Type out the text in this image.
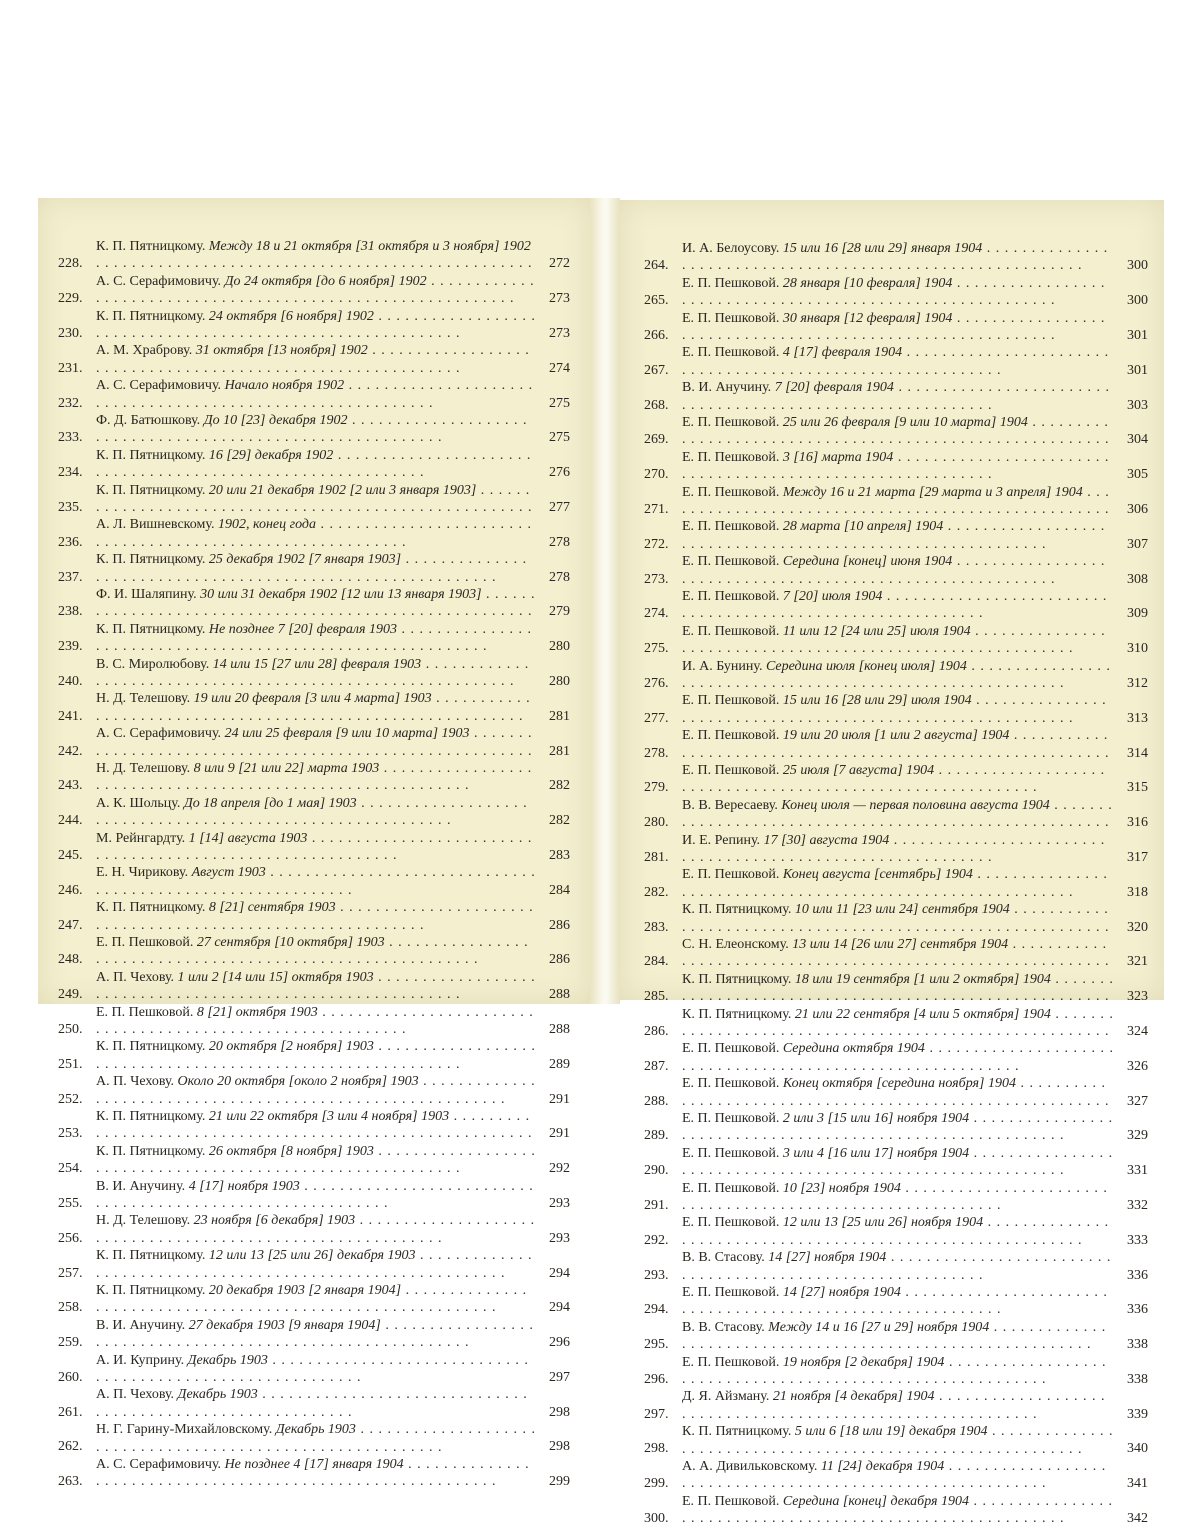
228.
К. П. Пятницкому. Между 18 и 21 октября [31 октября и 3 ноября] 1902 . . .
272
229.
А. С. Серафимовичу. До 24 октября [до 6 ноября] 1902 . . .
273
230.
К. П. Пятницкому. 24 октября [6 ноября] 1902 . . .
273
231.
А. М. Храброву. 31 октября [13 ноября] 1902 . . .
274
232.
А. С. Серафимовичу. Начало ноября 1902 . . .
275
233.
Ф. Д. Батюшкову. До 10 [23] декабря 1902 . . .
275
234.
К. П. Пятницкому. 16 [29] декабря 1902 . . .
276
235.
К. П. Пятницкому. 20 или 21 декабря 1902 [2 или 3 января 1903] . . .
277
236.
А. Л. Вишневскому. 1902, конец года . . .
278
237.
К. П. Пятницкому. 25 декабря 1902 [7 января 1903] . . .
278
238.
Ф. И. Шаляпину. 30 или 31 декабря 1902 [12 или 13 января 1903] . . .
279
239.
К. П. Пятницкому. Не позднее 7 [20] февраля 1903 . . .
280
240.
В. С. Миролюбову. 14 или 15 [27 или 28] февраля 1903 . . .
280
241.
Н. Д. Телешову. 19 или 20 февраля [3 или 4 марта] 1903 . . .
281
242.
А. С. Серафимовичу. 24 или 25 февраля [9 или 10 марта] 1903 . . .
281
243.
Н. Д. Телешову. 8 или 9 [21 или 22] марта 1903 . . .
282
244.
А. К. Шольцу. До 18 апреля [до 1 мая] 1903 . . .
282
245.
М. Рейнгардту. 1 [14] августа 1903 . . .
283
246.
Е. Н. Чирикову. Август 1903 . . .
284
247.
К. П. Пятницкому. 8 [21] сентября 1903 . . .
286
248.
Е. П. Пешковой. 27 сентября [10 октября] 1903 . . .
286
249.
А. П. Чехову. 1 или 2 [14 или 15] октября 1903 . . .
288
250.
Е. П. Пешковой. 8 [21] октября 1903 . . .
288
251.
К. П. Пятницкому. 20 октября [2 ноября] 1903 . . .
289
252.
А. П. Чехову. Около 20 октября [около 2 ноября] 1903 . . .
291
253.
К. П. Пятницкому. 21 или 22 октября [3 или 4 ноября] 1903 . . .
291
254.
К. П. Пятницкому. 26 октября [8 ноября] 1903 . . .
292
255.
В. И. Анучину. 4 [17] ноября 1903 . . .
293
256.
Н. Д. Телешову. 23 ноября [6 декабря] 1903 . . .
293
257.
К. П. Пятницкому. 12 или 13 [25 или 26] декабря 1903 . . .
294
258.
К. П. Пятницкому. 20 декабря 1903 [2 января 1904] . . .
294
259.
В. И. Анучину. 27 декабря 1903 [9 января 1904] . . .
296
260.
А. И. Куприну. Декабрь 1903 . . .
297
261.
А. П. Чехову. Декабрь 1903 . . .
298
262.
Н. Г. Гарину-Михайловскому. Декабрь 1903 . . .
298
263.
А. С. Серафимовичу. Не позднее 4 [17] января 1904 . . .
299
264.
И. А. Белоусову. 15 или 16 [28 или 29] января 1904 . . .
300
265.
Е. П. Пешковой. 28 января [10 февраля] 1904 . . .
300
266.
Е. П. Пешковой. 30 января [12 февраля] 1904 . . .
301
267.
Е. П. Пешковой. 4 [17] февраля 1904 . . .
301
268.
В. И. Анучину. 7 [20] февраля 1904 . . .
303
269.
Е. П. Пешковой. 25 или 26 февраля [9 или 10 марта] 1904 . . .
304
270.
Е. П. Пешковой. 3 [16] марта 1904 . . .
305
271.
Е. П. Пешковой. Между 16 и 21 марта [29 марта и 3 апреля] 1904 . . .
306
272.
Е. П. Пешковой. 28 марта [10 апреля] 1904 . . .
307
273.
Е. П. Пешковой. Середина [конец] июня 1904 . . .
308
274.
Е. П. Пешковой. 7 [20] июля 1904 . . .
309
275.
Е. П. Пешковой. 11 или 12 [24 или 25] июля 1904 . . .
310
276.
И. А. Бунину. Середина июля [конец июля] 1904 . . .
312
277.
Е. П. Пешковой. 15 или 16 [28 или 29] июля 1904 . . .
313
278.
Е. П. Пешковой. 19 или 20 июля [1 или 2 августа] 1904 . . .
314
279.
Е. П. Пешковой. 25 июля [7 августа] 1904 . . .
315
280.
В. В. Вересаеву. Конец июля — первая половина августа 1904 . . .
316
281.
И. Е. Репину. 17 [30] августа 1904 . . .
317
282.
Е. П. Пешковой. Конец августа [сентябрь] 1904 . . .
318
283.
К. П. Пятницкому. 10 или 11 [23 или 24] сентября 1904 . . .
320
284.
С. Н. Елеонскому. 13 или 14 [26 или 27] сентября 1904 . . .
321
285.
К. П. Пятницкому. 18 или 19 сентября [1 или 2 октября] 1904 . . .
323
286.
К. П. Пятницкому. 21 или 22 сентября [4 или 5 октября] 1904 . . .
324
287.
Е. П. Пешковой. Середина октября 1904 . . .
326
288.
Е. П. Пешковой. Конец октября [середина ноября] 1904 . . .
327
289.
Е. П. Пешковой. 2 или 3 [15 или 16] ноября 1904 . . .
329
290.
Е. П. Пешковой. 3 или 4 [16 или 17] ноября 1904 . . .
331
291.
Е. П. Пешковой. 10 [23] ноября 1904 . . .
332
292.
Е. П. Пешковой. 12 или 13 [25 или 26] ноября 1904 . . .
333
293.
В. В. Стасову. 14 [27] ноября 1904 . . .
336
294.
Е. П. Пешковой. 14 [27] ноября 1904 . . .
336
295.
В. В. Стасову. Между 14 и 16 [27 и 29] ноября 1904 . . .
338
296.
Е. П. Пешковой. 19 ноября [2 декабря] 1904 . . .
338
297.
Д. Я. Айзману. 21 ноября [4 декабря] 1904 . . .
339
298.
К. П. Пятницкому. 5 или 6 [18 или 19] декабря 1904 . . .
340
299.
А. А. Дивильковскому. 11 [24] декабря 1904 . . .
341
300.
Е. П. Пешковой. Середина [конец] декабря 1904 . . .
342
